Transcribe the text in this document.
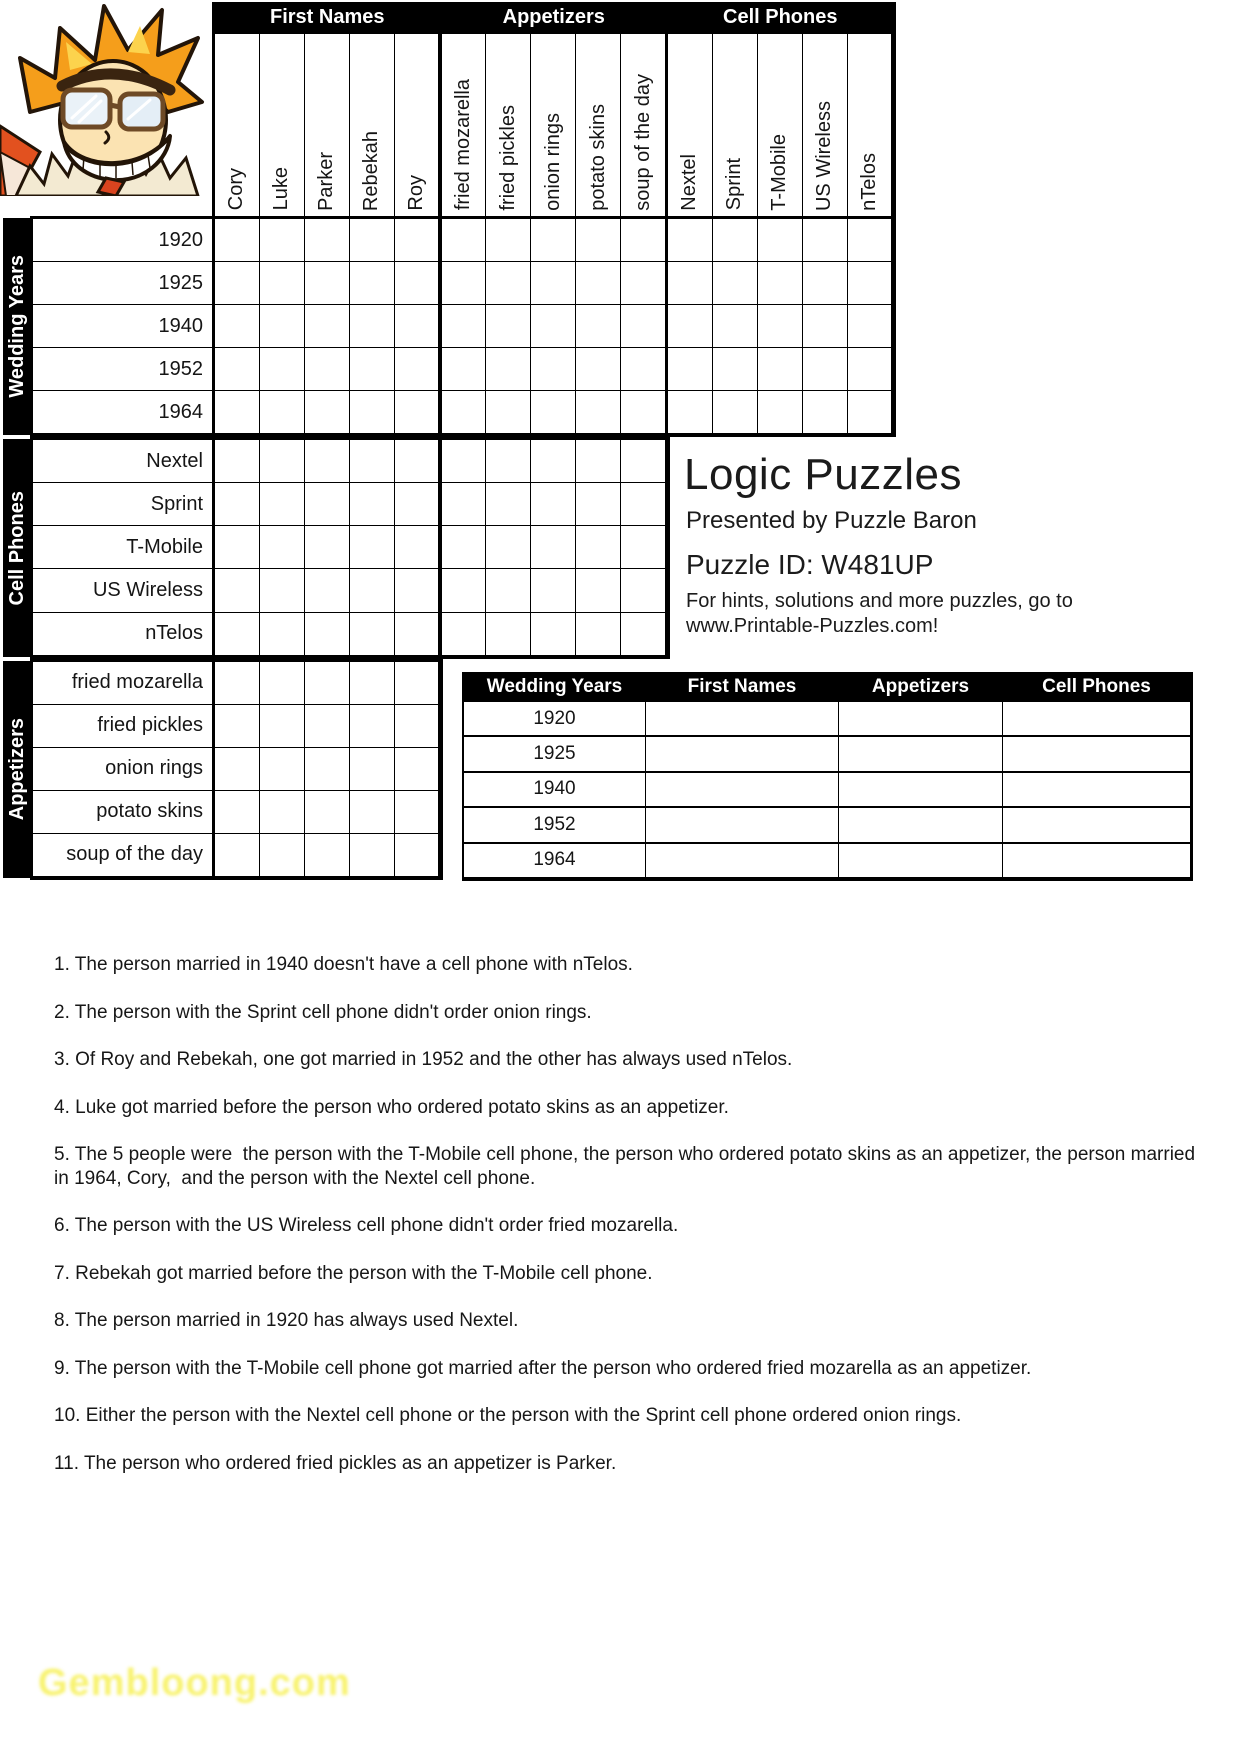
First Names	Appetizers	Cell Phones
Cory Luke Parker Rebekah Roy fried mozarella fried pickles onion rings potato skins soup of the day Nextel Sprint T-Mobile US Wireless nTelos
Wedding Years
1920
1925
1940
1952
1964
Cell Phones
Nextel
Sprint
T-Mobile
US Wireless
nTelos
Appetizers
fried mozarella
fried pickles
onion rings
potato skins
soup of the day
Logic Puzzles
Presented by Puzzle Baron
Puzzle ID: W481UP
For hints, solutions and more puzzles, go to
www.Printable-Puzzles.com!
Wedding Years	First Names	Appetizers	Cell Phones
1920
1925
1940
1952
1964
1. The person married in 1940 doesn't have a cell phone with nTelos.
2. The person with the Sprint cell phone didn't order onion rings.
3. Of Roy and Rebekah, one got married in 1952 and the other has always used nTelos.
4. Luke got married before the person who ordered potato skins as an appetizer.
5. The 5 people were  the person with the T-Mobile cell phone, the person who ordered potato skins as an appetizer, the person married in 1964, Cory,  and the person with the Nextel cell phone.
6. The person with the US Wireless cell phone didn't order fried mozarella.
7. Rebekah got married before the person with the T-Mobile cell phone.
8. The person married in 1920 has always used Nextel.
9. The person with the T-Mobile cell phone got married after the person who ordered fried mozarella as an appetizer.
10. Either the person with the Nextel cell phone or the person with the Sprint cell phone ordered onion rings.
11. The person who ordered fried pickles as an appetizer is Parker.
Gembloong.com
